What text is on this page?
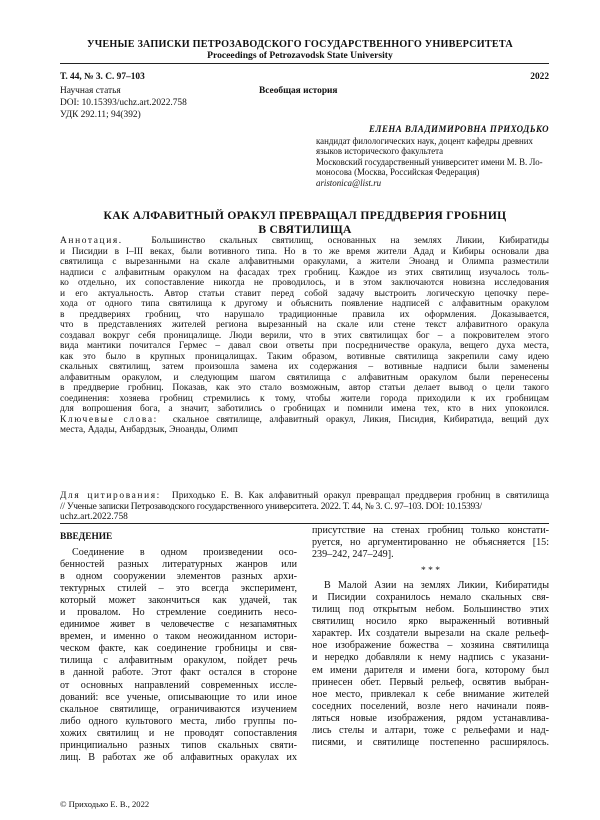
УЧЕНЫЕ ЗАПИСКИ ПЕТРОЗАВОДСКОГО ГОСУДАРСТВЕННОГО УНИВЕРСИТЕТА
Proceedings of Petrozavodsk State University
Т. 44, № 3. С. 97–103	2022
Научная статья	Всеобщая история
DOI: 10.15393/uchz.art.2022.758
УДК 292.11; 94(392)
ЕЛЕНА ВЛАДИМИРОВНА ПРИХОДЬКО
кандидат филологических наук, доцент кафедры древних
языков исторического факультета
Московский государственный университет имени М. В. Ло-
моносова (Москва, Российская Федерация)
aristonica@list.ru
КАК АЛФАВИТНЫЙ ОРАКУЛ ПРЕВРАЩАЛ ПРЕДДВЕРИЯ ГРОБНИЦ
В СВЯТИЛИЩА
Аннотация.	Большинство скальных святилищ, основанных на землях Ликии, Кибиратиды
и Писидии в I–III веках, были вотивного типа. Но в то же время жители Адад и Кибиры основали два
святилища с вырезанными на скале алфавитными оракулами, а жители Эноанд и Олимпа разместили
надписи с алфавитным оракулом на фасадах трех гробниц. Каждое из этих святилищ изучалось толь-
ко отдельно, их сопоставление никогда не проводилось, и в этом заключаются новизна исследования
и его актуальность. Автор статьи ставит перед собой задачу выстроить логическую цепочку пере-
хода от одного типа святилища к другому и объяснить появление надписей с алфавитным оракулом
в преддвериях гробниц, что нарушало традиционные правила их оформления. Доказывается,
что в представлениях жителей региона вырезанный на скале или стене текст алфавитного оракула
создавал вокруг себя проницалище. Люди верили, что в этих святилищах бог – а покровителем этого
вида мантики почитался Гермес – давал свои ответы при посредничестве оракула, вещего духа места,
как это было в крупных проницалищах. Таким образом, вотивные святилища закрепили саму идею
скальных святилищ, затем произошла замена их содержания – вотивные надписи были заменены
алфавитным оракулом, и следующим шагом святилища с алфавитным оракулом были перенесены
в преддверие гробниц. Показав, как это стало возможным, автор статьи делает вывод о цели такого
соединения: хозяева гробниц стремились к тому, чтобы жители города приходили к их гробницам
для вопрошения бога, а значит, заботились о гробницах и помнили имена тех, кто в них упокоился.
Ключевые слова: скальное святилище, алфавитный оракул, Ликия, Писидия, Кибиратида, вещий дух
места, Адады, Анбардзык, Эноанды, Олимп
Для цитирования: Приходько Е. В. Как алфавитный оракул превращал преддверия гробниц в святилища
// Ученые записки Петрозаводского государственного университета. 2022. Т. 44, № 3. С. 97–103. DOI: 10.15393/
uchz.art.2022.758
ВВЕДЕНИЕ
Соединение в одном произведении осо-
бенностей разных литературных жанров или
в одном сооружении элементов разных архи-
тектурных стилей – это всегда эксперимент,
который может закончиться как удачей, так
и провалом. Но стремление соединить несо-
единимое живет в человечестве с незапамятных
времен, и именно о таком неожиданном истори-
ческом факте, как соединение гробницы и свя-
тилища с алфавитным оракулом, пойдет речь
в данной работе. Этот факт остался в стороне
от основных направлений современных иссле-
дований: все ученые, описывающие то или иное
скальное святилище, ограничиваются изучением
либо одного культового места, либо группы по-
хожих святилищ и не проводят сопоставления
принципиально разных типов скальных святи-
лищ. В работах же об алфавитных оракулах их
присутствие на стенах гробниц только констати-
руется, но аргументированно не объясняется [15:
239–242, 247–249].
* * *
В Малой Азии на землях Ликии, Кибиратиды
и Писидии сохранилось немало скальных свя-
тилищ под открытым небом. Большинство этих
святилищ носило ярко выраженный вотивный
характер. Их создатели вырезали на скале рельеф-
ное изображение божества – хозяина святилища
и нередко добавляли к нему надпись с указани-
ем имени дарителя и имени бога, которому был
принесен обет. Первый рельеф, освятив выбран-
ное место, привлекал к себе внимание жителей
соседних поселений, возле него начинали появ-
ляться новые изображения, рядом устанавлива-
лись стелы и алтари, тоже с рельефами и над-
писями, и святилище постепенно расширялось.
© Приходько Е. В., 2022
